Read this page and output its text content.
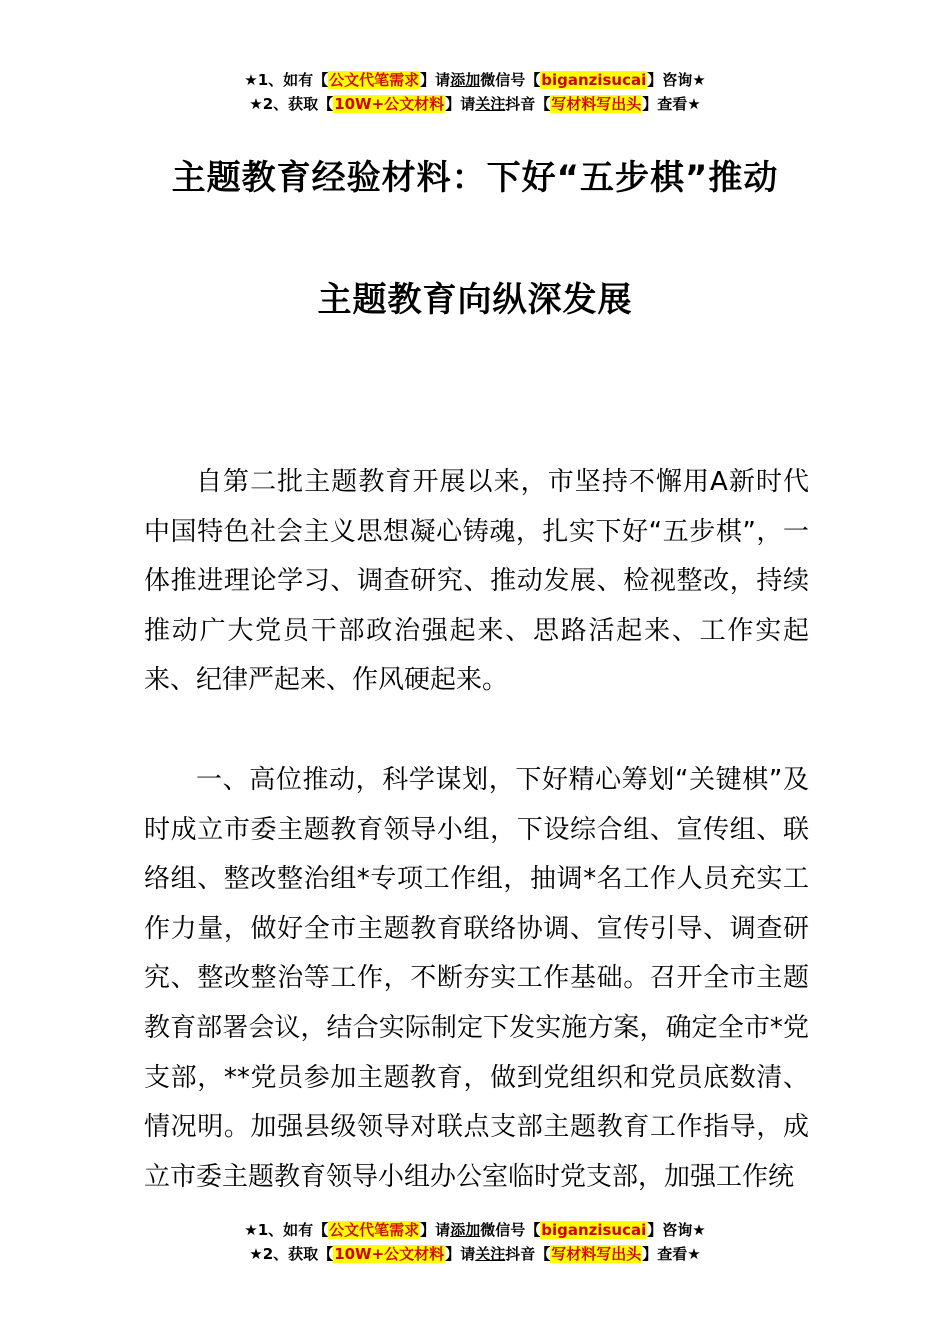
★1、如有【公文代笔需求】请添加微信号【biganzisucai】咨询★
★2、获取【10W+公文材料】请关注抖音【写材料写出头】查看★
主题教育经验材料：下好“五步棋”推动
主题教育向纵深发展

自第二批主题教育开展以来，市坚持不懈用A新时代中国特色社会主义思想凝心铸魂，扎实下好“五步棋”，一体推进理论学习、调查研究、推动发展、检视整改，持续推动广大党员干部政治强起来、思路活起来、工作实起来、纪律严起来、作风硬起来。

一、高位推动，科学谋划，下好精心筹划“关键棋”及时成立市委主题教育领导小组，下设综合组、宣传组、联络组、整改整治组*专项工作组，抽调*名工作人员充实工作力量，做好全市主题教育联络协调、宣传引导、调查研究、整改整治等工作，不断夯实工作基础。召开全市主题教育部署会议，结合实际制定下发实施方案，确定全市*党支部，**党员参加主题教育，做到党组织和党员底数清、情况明。加强县级领导对联点支部主题教育工作指导，成立市委主题教育领导小组办公室临时党支部，加强工作统

★1、如有【公文代笔需求】请添加微信号【biganzisucai】咨询★
★2、获取【10W+公文材料】请关注抖音【写材料写出头】查看★
